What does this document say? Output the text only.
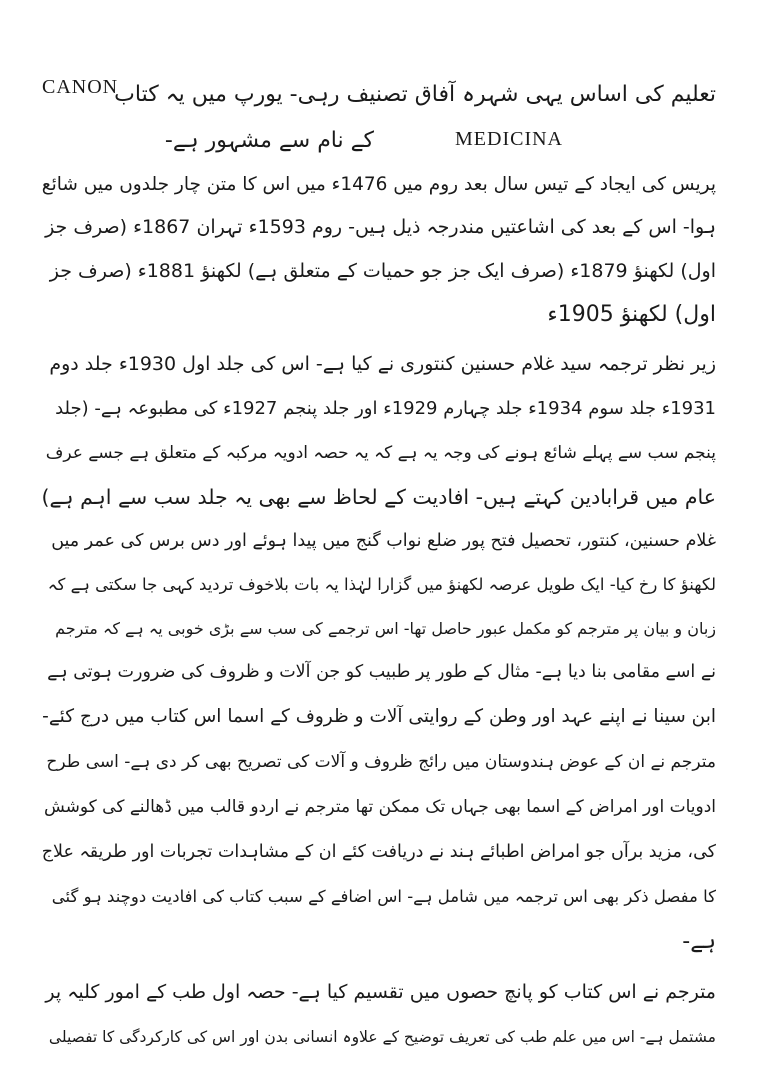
CANON
تعلیم کی اساس یہی شہرہ آفاق تصنیف رہی- یورپ میں یہ کتاب
MEDICINA
کے نام سے مشہور ہے-
پریس کی ایجاد کے تیس سال بعد روم میں 1476ء میں اس کا متن چار جلدوں میں شائع
ہوا- اس کے بعد کی اشاعتیں مندرجہ ذیل ہیں- روم 1593ء تہران 1867ء (صرف جز
اول) لکھنؤ 1879ء (صرف ایک جز جو حمیات کے متعلق ہے) لکھنؤ 1881ء (صرف جز
اول) لکھنؤ 1905ء
زیر نظر ترجمہ سید غلام حسنین کنتوری نے کیا ہے- اس کی جلد اول 1930ء جلد دوم
1931ء جلد سوم 1934ء جلد چہارم 1929ء اور جلد پنجم 1927ء کی مطبوعہ ہے- (جلد
پنجم سب سے پہلے شائع ہونے کی وجہ یہ ہے کہ یہ حصہ ادویہ مرکبہ کے متعلق ہے جسے عرف
عام میں قرابادین کہتے ہیں- افادیت کے لحاظ سے بھی یہ جلد سب سے اہم ہے)
غلام حسنین، کنتور، تحصیل فتح پور ضلع نواب گنج میں پیدا ہوئے اور دس برس کی عمر میں
لکھنؤ کا رخ کیا- ایک طویل عرصہ لکھنؤ میں گزارا لہٰذا یہ بات بلاخوف تردید کہی جا سکتی ہے کہ
زبان و بیان پر مترجم کو مکمل عبور حاصل تھا- اس ترجمے کی سب سے بڑی خوبی یہ ہے کہ مترجم
نے اسے مقامی بنا دیا ہے- مثال کے طور پر طبیب کو جن آلات و ظروف کی ضرورت ہوتی ہے
ابن سینا نے اپنے عہد اور وطن کے روایتی آلات و ظروف کے اسما اس کتاب میں درج کئے-
مترجم نے ان کے عوض ہندوستان میں رائج ظروف و آلات کی تصریح بھی کر دی ہے- اسی طرح
ادویات اور امراض کے اسما بھی جہاں تک ممکن تھا مترجم نے اردو قالب میں ڈھالنے کی کوشش
کی، مزید برآں جو امراض اطبائے ہند نے دریافت کئے ان کے مشاہدات تجربات اور طریقہ علاج
کا مفصل ذکر بھی اس ترجمہ میں شامل ہے- اس اضافے کے سبب کتاب کی افادیت دوچند ہو گئی
ہے-
مترجم نے اس کتاب کو پانچ حصوں میں تقسیم کیا ہے- حصہ اول طب کے امور کلیہ پر
مشتمل ہے- اس میں علم طب کی تعریف توضیح کے علاوہ انسانی بدن اور اس کی کارکردگی کا تفصیلی
